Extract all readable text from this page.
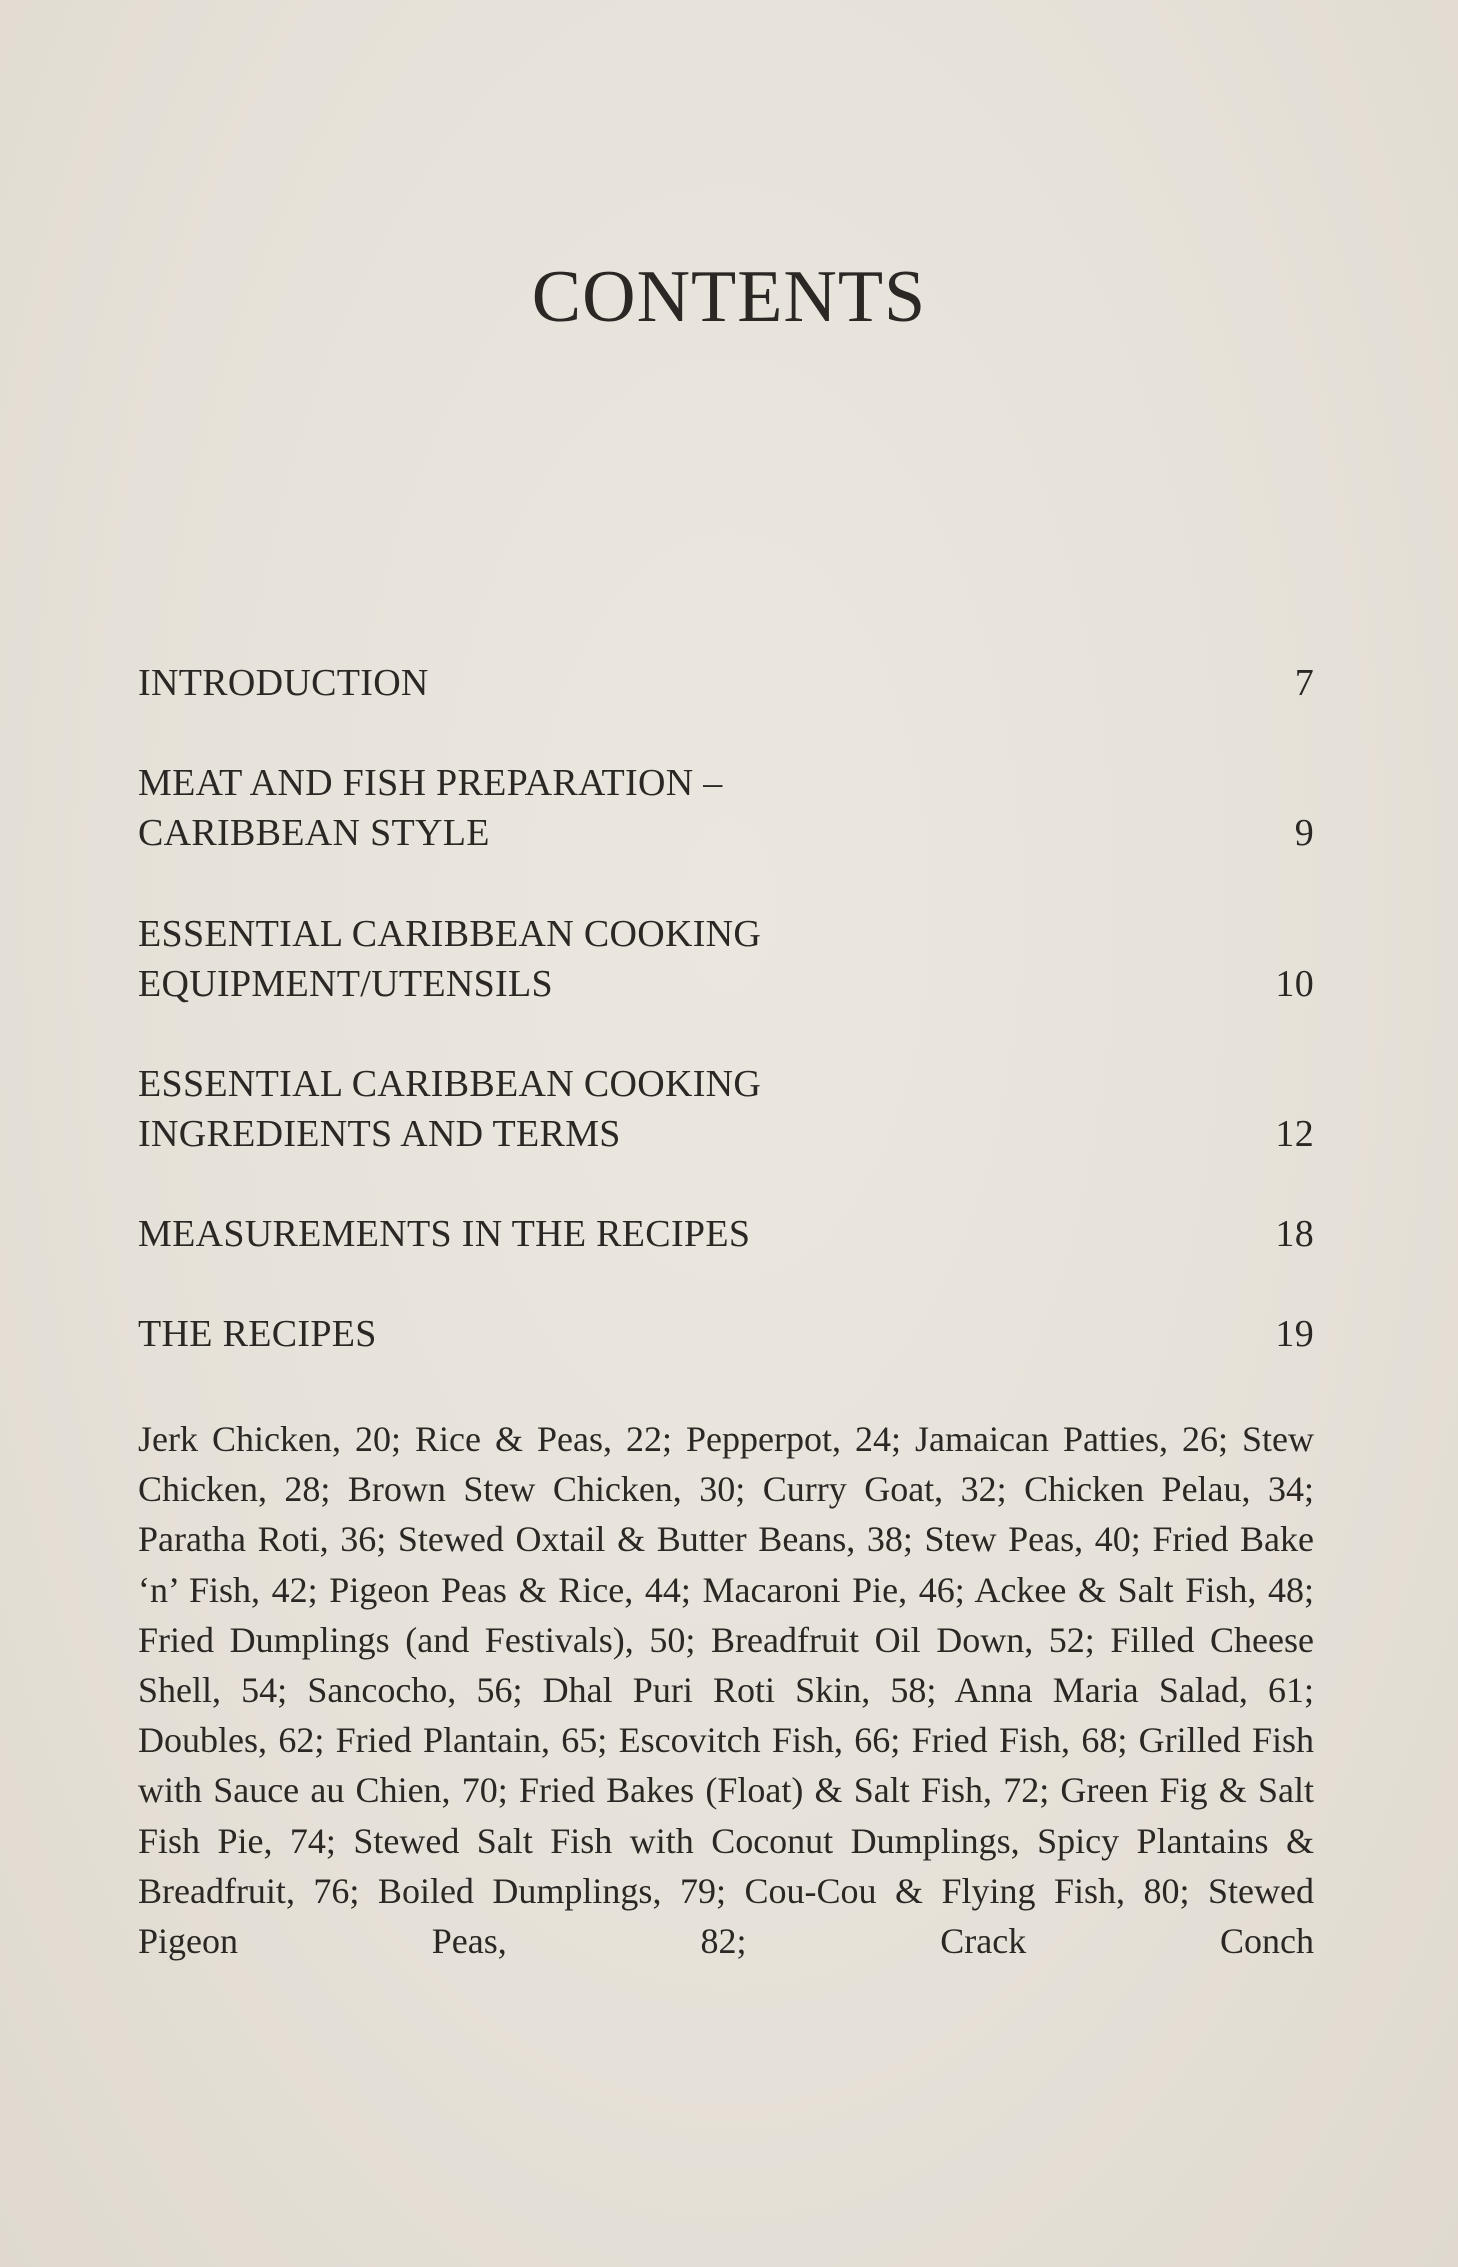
CONTENTS
INTRODUCTION	7
MEAT AND FISH PREPARATION –
CARIBBEAN STYLE	9
ESSENTIAL CARIBBEAN COOKING
EQUIPMENT/UTENSILS	10
ESSENTIAL CARIBBEAN COOKING
INGREDIENTS AND TERMS	12
MEASUREMENTS IN THE RECIPES	18
THE RECIPES	19

Jerk Chicken, 20; Rice & Peas, 22; Pepperpot, 24; Jamaican Patties, 26; Stew Chicken, 28; Brown Stew Chicken, 30; Curry Goat, 32; Chicken Pelau, 34; Paratha Roti, 36; Stewed Oxtail & Butter Beans, 38; Stew Peas, 40; Fried Bake ‘n’ Fish, 42; Pigeon Peas & Rice, 44; Macaroni Pie, 46; Ackee & Salt Fish, 48; Fried Dumplings (and Festivals), 50; Breadfruit Oil Down, 52; Filled Cheese Shell, 54; Sancocho, 56; Dhal Puri Roti Skin, 58; Anna Maria Salad, 61; Doubles, 62; Fried Plantain, 65; Escovitch Fish, 66; Fried Fish, 68; Grilled Fish with Sauce au Chien, 70; Fried Bakes (Float) & Salt Fish, 72; Green Fig & Salt Fish Pie, 74; Stewed Salt Fish with Coconut Dumplings, Spicy Plantains & Breadfruit, 76; Boiled Dumplings, 79; Cou-Cou & Flying Fish, 80; Stewed Pigeon Peas, 82; Crack Conch
